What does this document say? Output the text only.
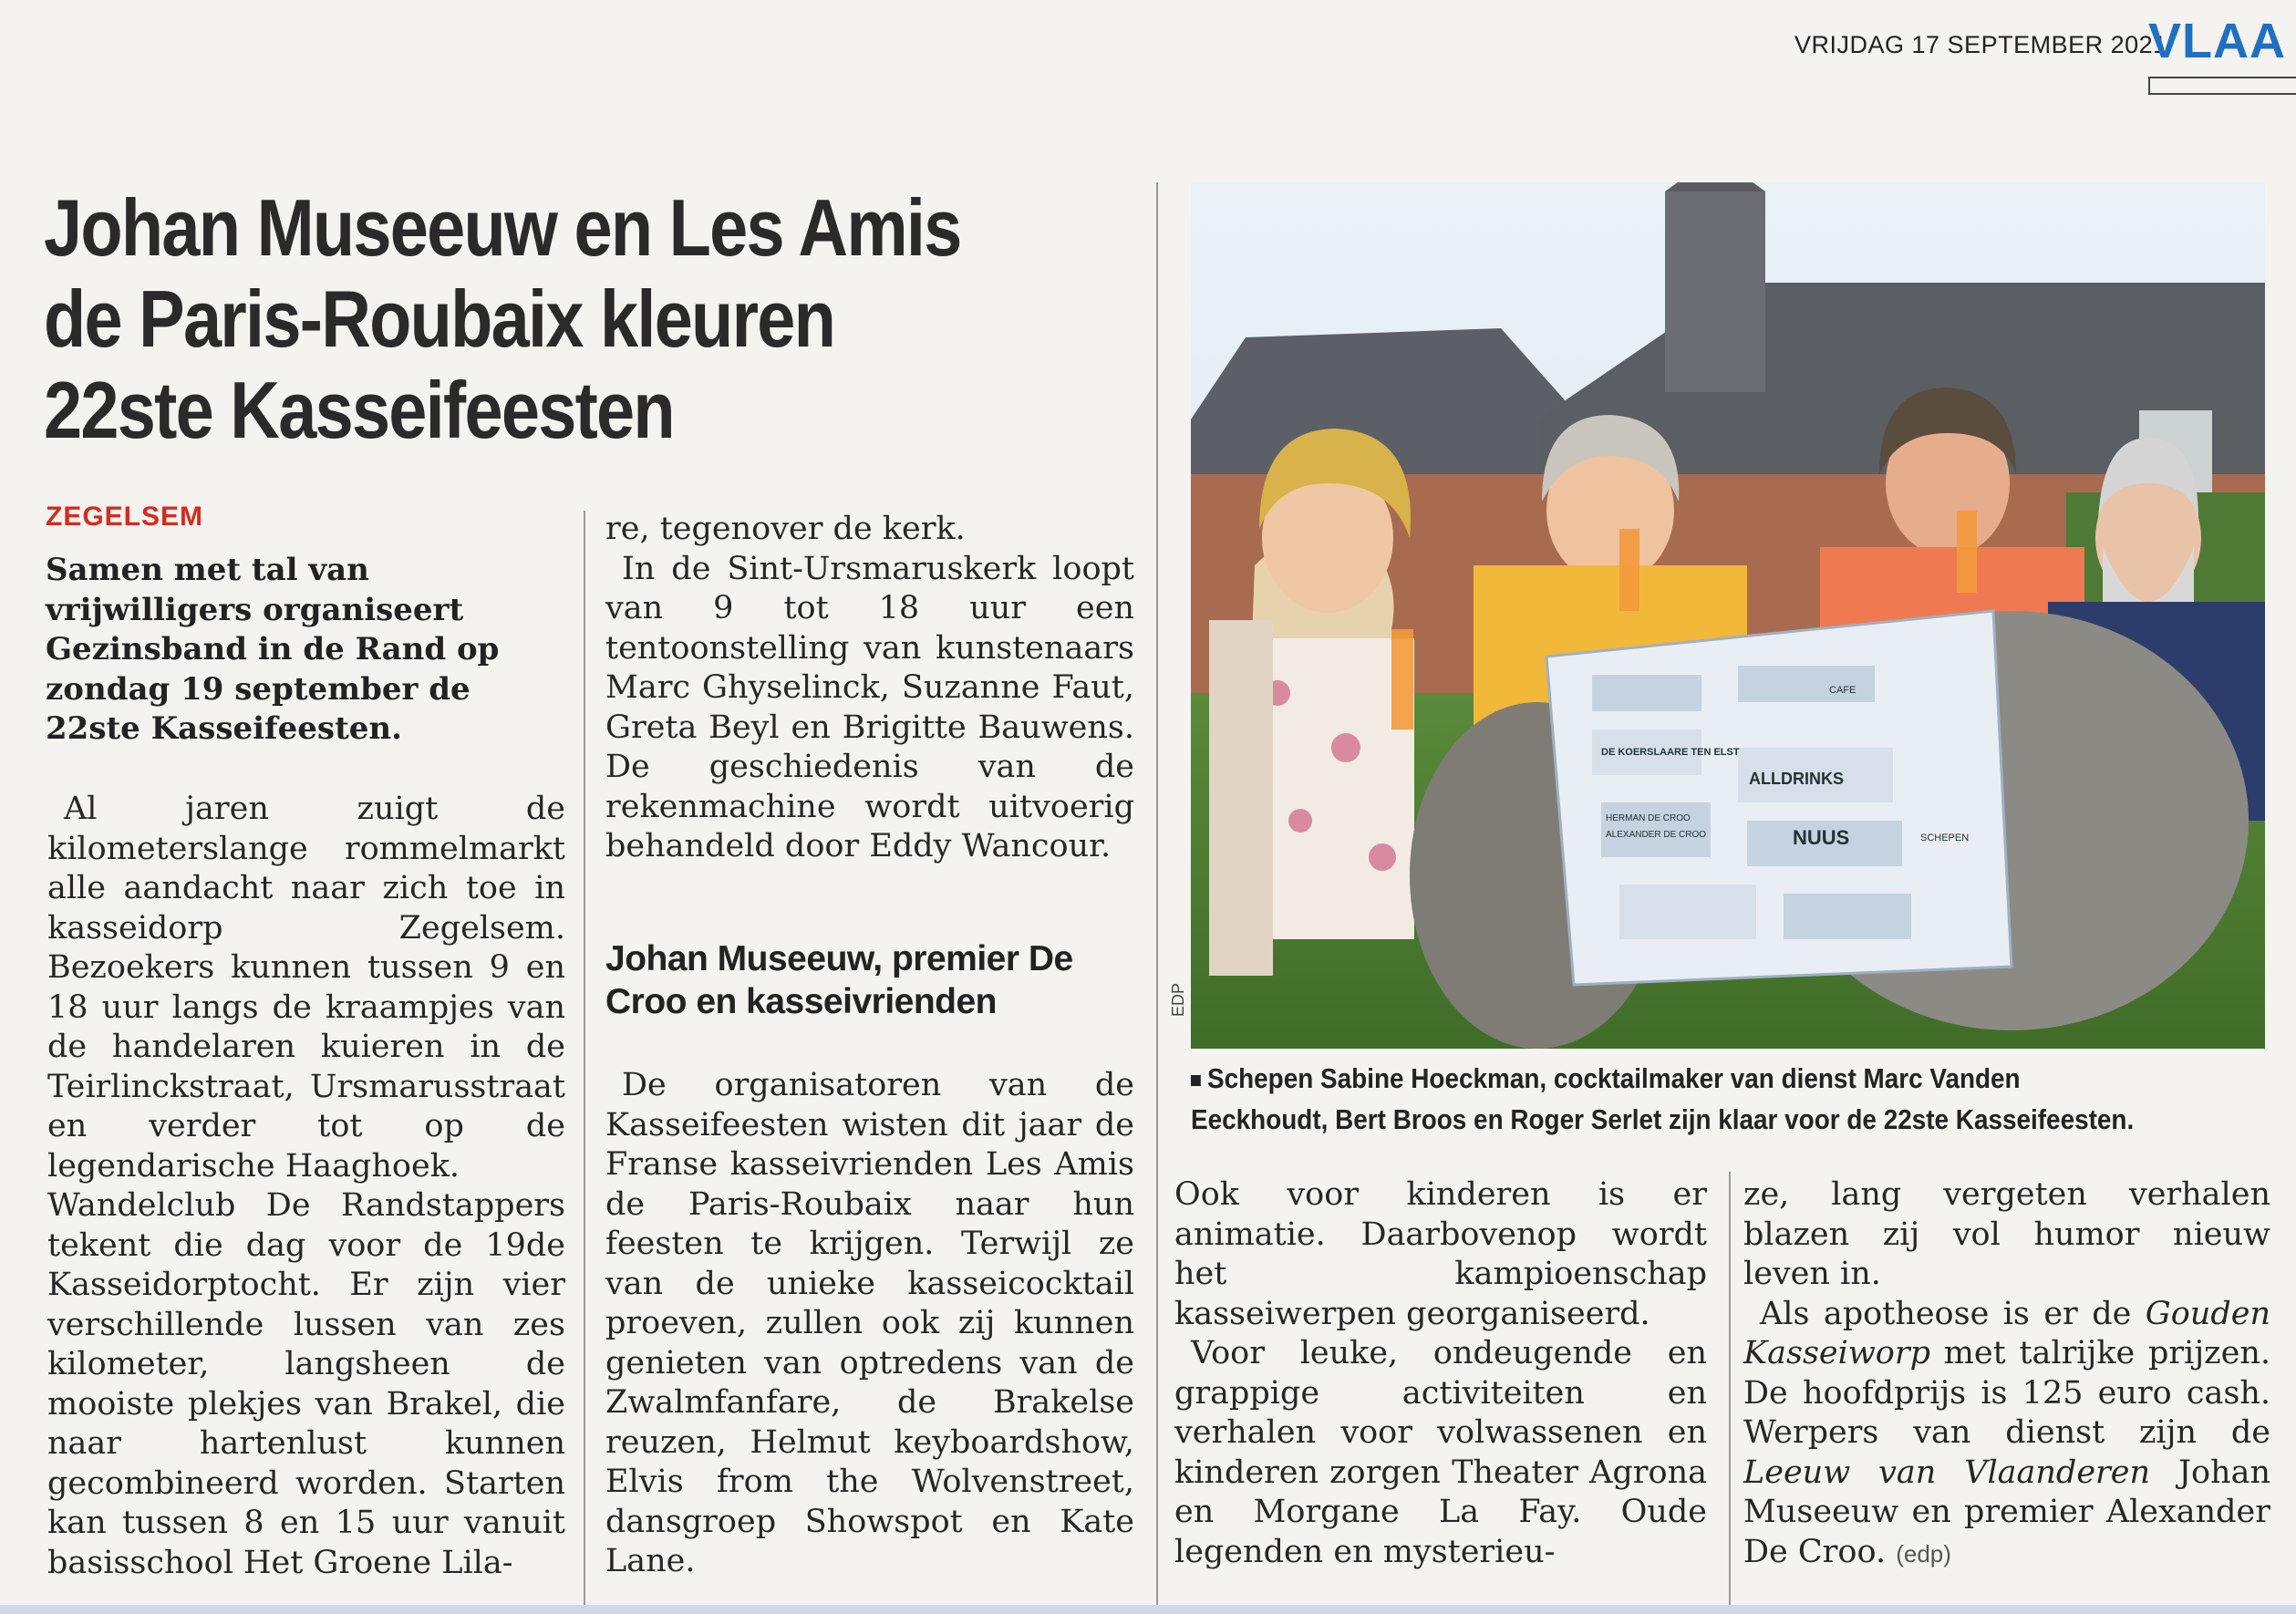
VRIJDAG 17 SEPTEMBER 2021
VLAA
Johan Museeuw en Les Amis de Paris-Roubaix kleuren 22ste Kasseifeesten
ZEGELSEM

Samen met tal van vrijwilligers organiseert Gezinsband in de Rand op zondag 19 september de 22ste Kasseifeesten.

Al jaren zuigt de kilometerslange rommelmarkt alle aandacht naar zich toe in kasseidorp Zegelsem. Bezoekers kunnen tussen 9 en 18 uur langs de kraampjes van de handelaren kuieren in de Teirlinckstraat, Ursmarusstraat en verder tot op de legendarische Haaghoek.

Wandelclub De Randstappers tekent die dag voor de 19de Kasseidorptocht. Er zijn vier verschillende lussen van zes kilometer, langsheen de mooiste plekjes van Brakel, die naar hartenlust kunnen gecombineerd worden. Starten kan tussen 8 en 15 uur vanuit basisschool Het Groene Lila-

re, tegenover de kerk.

In de Sint-Ursmaruskerk loopt van 9 tot 18 uur een tentoonstelling van kunstenaars Marc Ghyselinck, Suzanne Faut, Greta Beyl en Brigitte Bauwens. De geschiedenis van de rekenmachine wordt uitvoerig behandeld door Eddy Wancour.

Johan Museeuw, premier De Croo en kasseivrienden

De organisatoren van de Kasseifeesten wisten dit jaar de Franse kasseivrienden Les Amis de Paris-Roubaix naar hun feesten te krijgen. Terwijl ze van de unieke kasseicocktail proeven, zullen ook zij kunnen genieten van optredens van de Zwalmfanfare, de Brakelse reuzen, Helmut keyboardshow, Elvis from the Wolvenstreet, dansgroep Showspot en Kate Lane.

Ook voor kinderen is er animatie. Daarbovenop wordt het kampioenschap kasseiwerpen georganiseerd.

Voor leuke, ondeugende en grappige activiteiten en verhalen voor volwassenen en kinderen zorgen Theater Agrona en Morgane La Fay. Oude legenden en mysterieu-

ze, lang vergeten verhalen blazen zij vol humor nieuw leven in.

Als apotheose is er de Gouden Kasseiworp met talrijke prijzen. De hoofdprijs is 125 euro cash. Werpers van dienst zijn de Leeuw van Vlaanderen Johan Museeuw en premier Alexander De Croo. (edp)

DE KOERSLAARE TEN ELST
ALLDRINKS
NUUS
ALEXANDER DE CROO
HERMAN DE CROO
SCHEPEN
CAFE
EDP

Schepen Sabine Hoeckman, cocktailmaker van dienst Marc Vanden Eeckhoudt, Bert Broos en Roger Serlet zijn klaar voor de 22ste Kasseifeesten.
